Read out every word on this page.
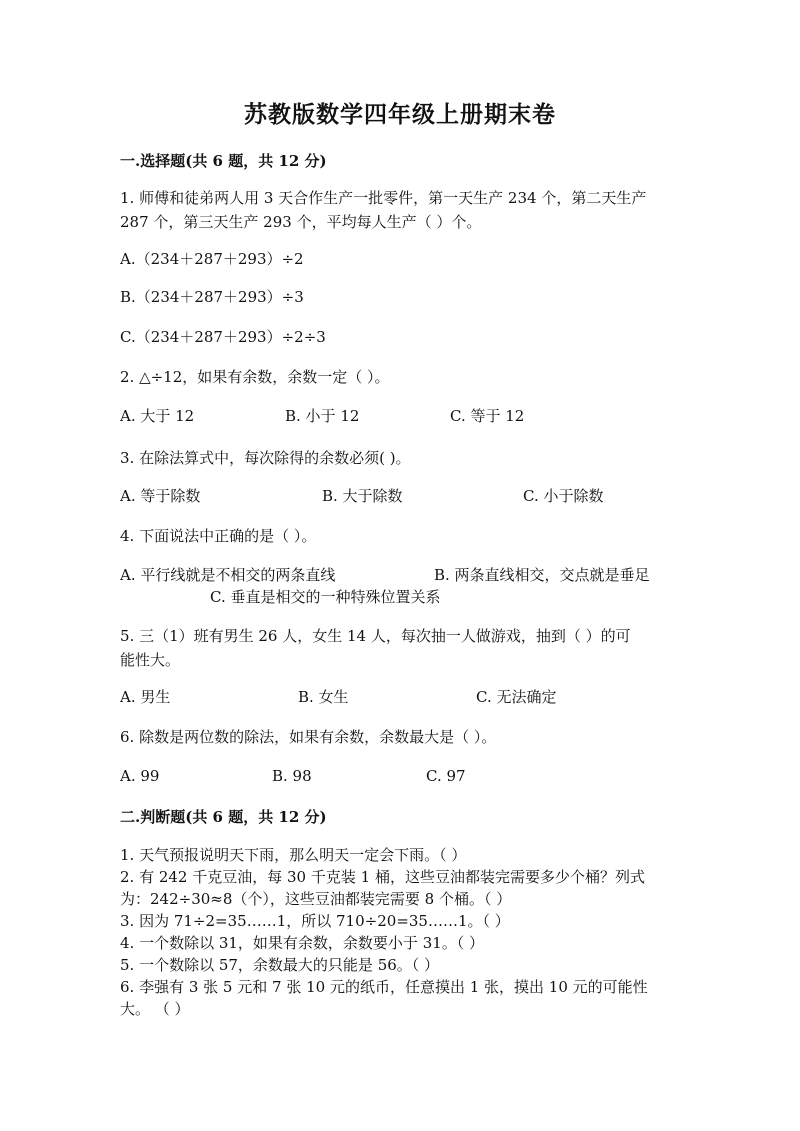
苏教版数学四年级上册期末卷
一.选择题(共 6 题，共 12 分)
1. 师傅和徒弟两人用 3 天合作生产一批零件，第一天生产 234 个，第二天生产
287 个，第三天生产 293 个，平均每人生产（ ）个。
A.（234＋287＋293）÷2
B.（234＋287＋293）÷3
C.（234＋287＋293）÷2÷3
2. △÷12，如果有余数，余数一定（ ）。
A. 大于 12	B. 小于 12	C. 等于 12
3. 在除法算式中，每次除得的余数必须( )。
A. 等于除数	B. 大于除数	C. 小于除数
4. 下面说法中正确的是（ ）。
A. 平行线就是不相交的两条直线	B. 两条直线相交，交点就是垂足
C. 垂直是相交的一种特殊位置关系
5. 三（1）班有男生 26 人，女生 14 人，每次抽一人做游戏，抽到（ ）的可
能性大。
A. 男生	B. 女生	C. 无法确定
6. 除数是两位数的除法，如果有余数，余数最大是（ ）。
A. 99	B. 98	C. 97
二.判断题(共 6 题，共 12 分)
1. 天气预报说明天下雨，那么明天一定会下雨。（ ）
2. 有 242 千克豆油，每 30 千克装 1 桶，这些豆油都装完需要多少个桶？列式
为：242÷30≈8（个），这些豆油都装完需要 8 个桶。（ ）
3. 因为 71÷2=35……1，所以 710÷20=35……1。（ ）
4. 一个数除以 31，如果有余数，余数要小于 31。（ ）
5. 一个数除以 57，余数最大的只能是 56。（ ）
6. 李强有 3 张 5 元和 7 张 10 元的纸币，任意摸出 1 张，摸出 10 元的可能性
大。 （ ）
